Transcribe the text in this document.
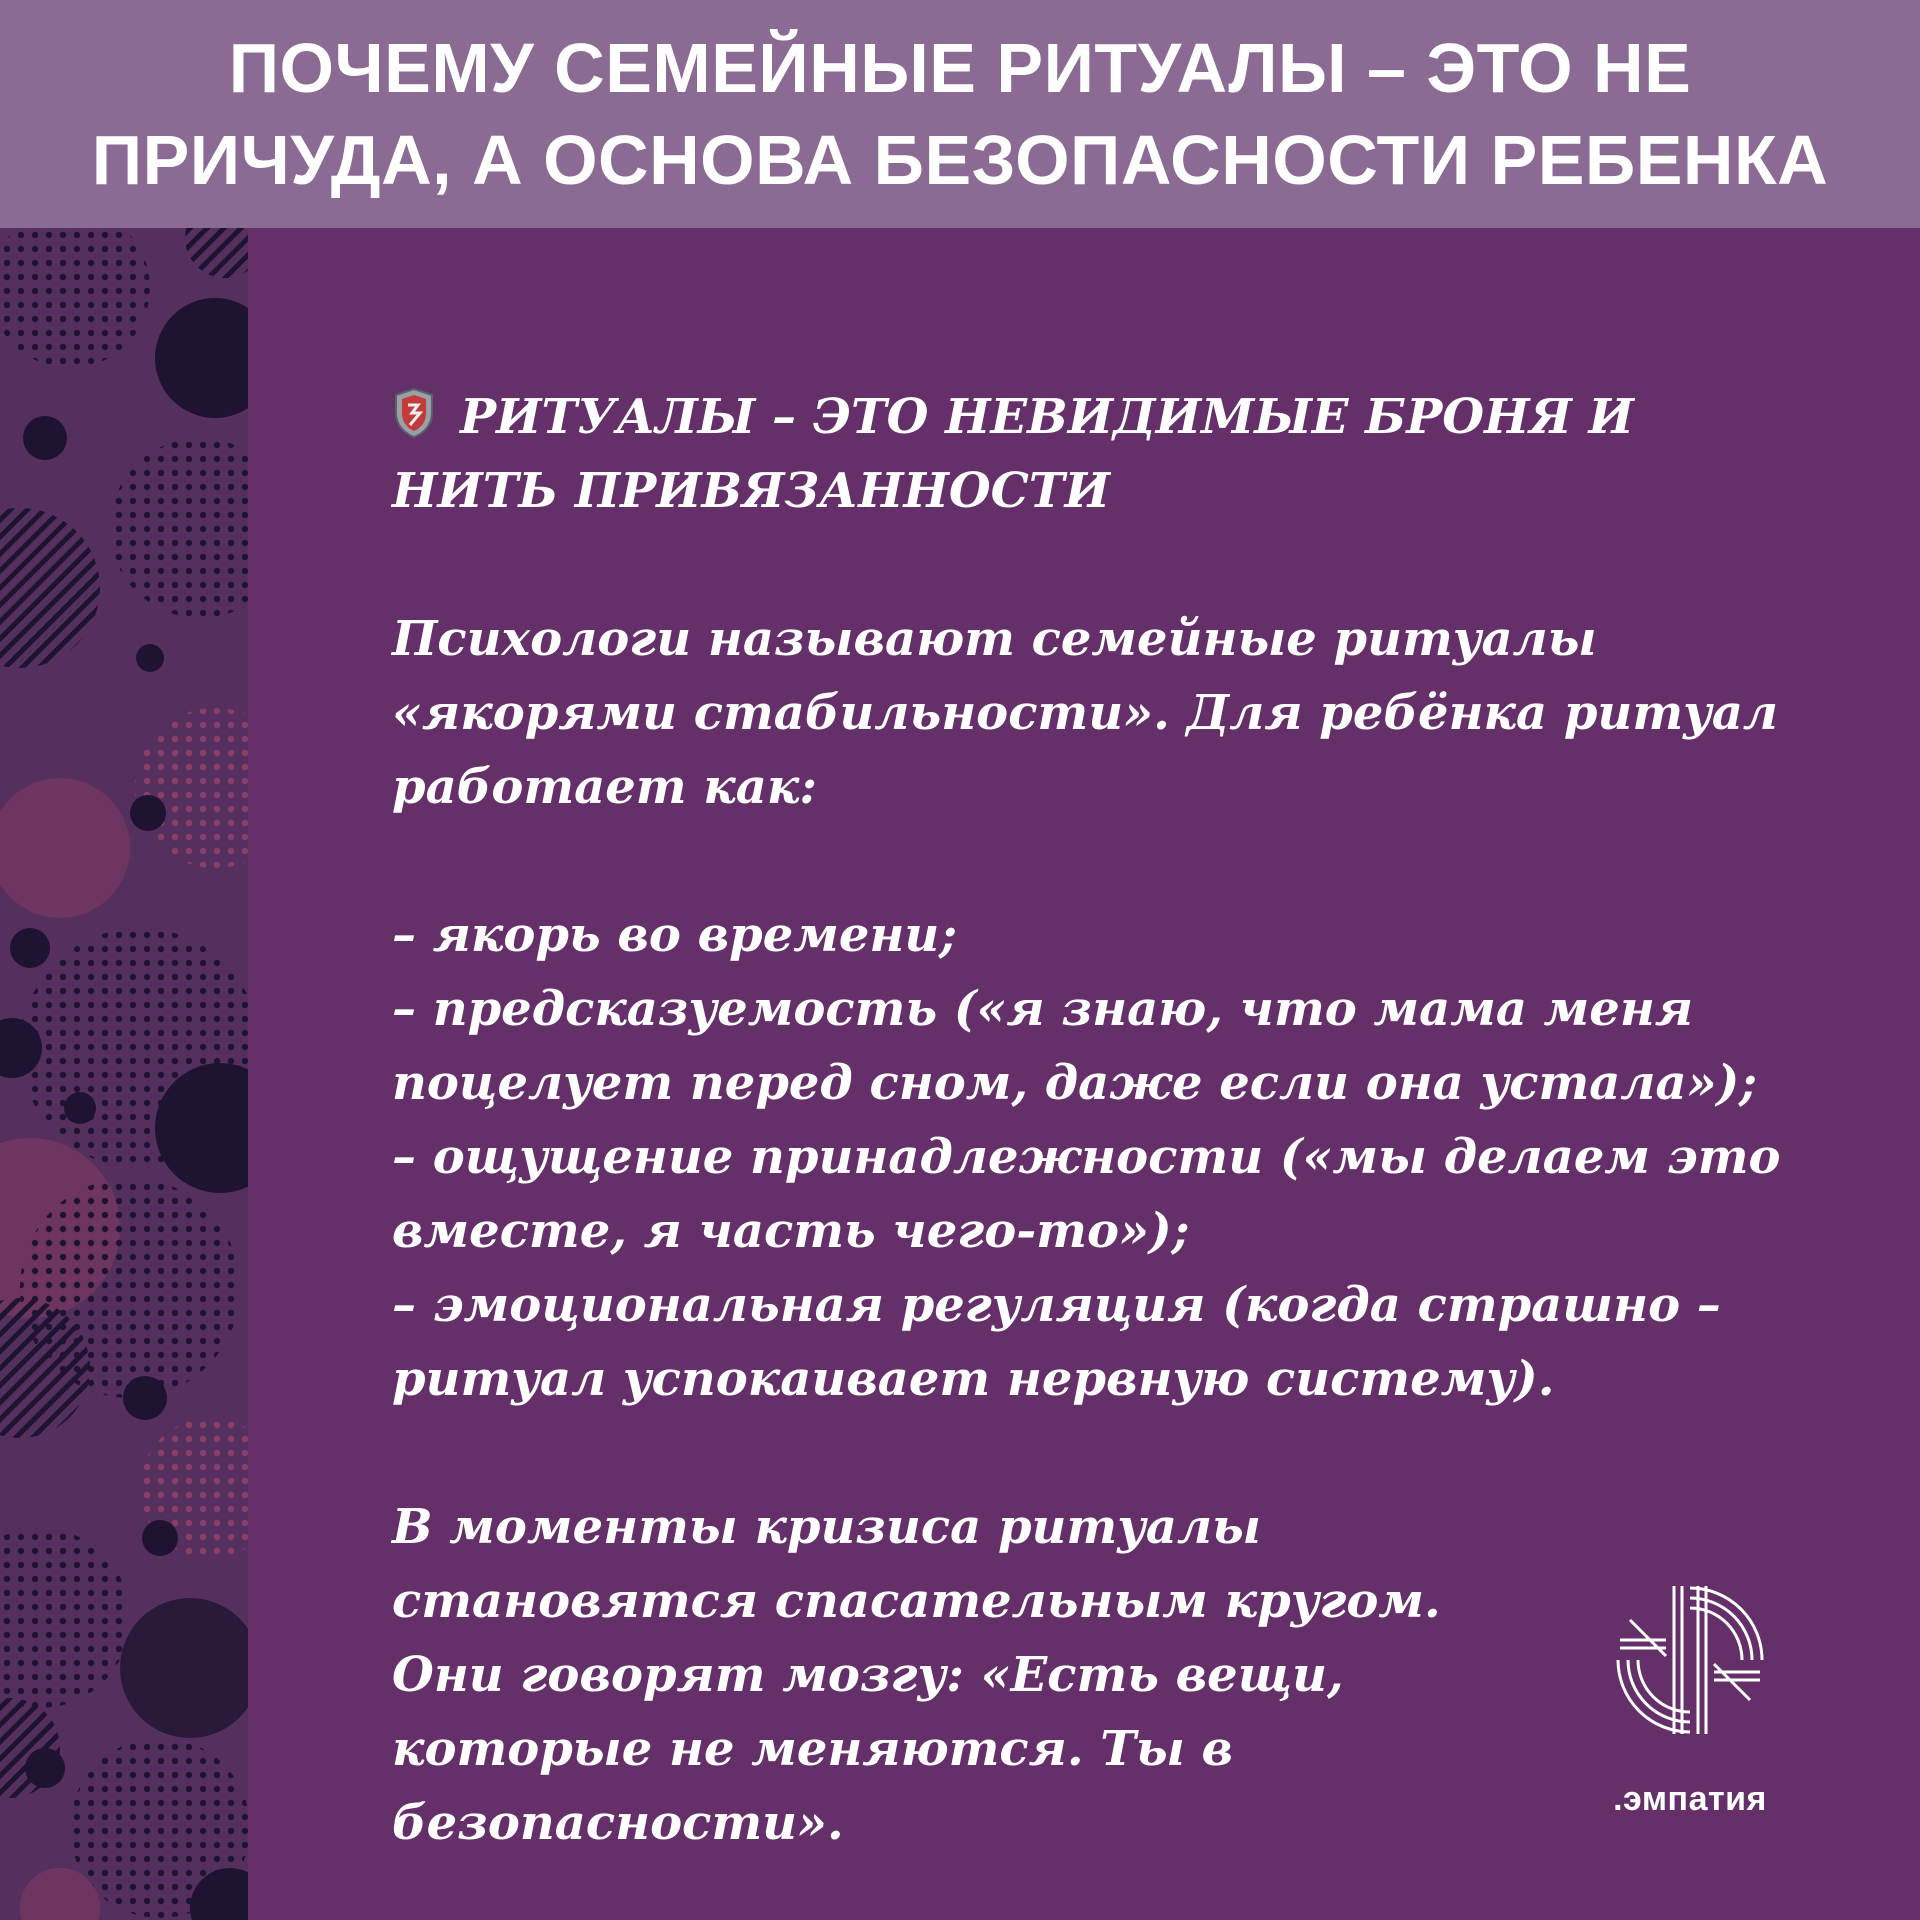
ПОЧЕМУ СЕМЕЙНЫЕ РИТУАЛЫ – ЭТО НЕ
ПРИЧУДА, А ОСНОВА БЕЗОПАСНОСТИ РЕБЕНКА
РИТУАЛЫ – ЭТО НЕВИДИМЫЕ БРОНЯ И НИТЬ ПРИВЯЗАННОСТИ

Психологи называют семейные ритуалы «якорями стабильности». Для ребёнка ритуал работает как:

– якорь во времени;
– предсказуемость («я знаю, что мама меня поцелует перед сном, даже если она устала»);
– ощущение принадлежности («мы делаем это вместе, я часть чего-то»);
– эмоциональная регуляция (когда страшно – ритуал успокаивает нервную систему).

В моменты кризиса ритуалы становятся спасательным кругом. Они говорят мозгу: «Есть вещи, которые не меняются. Ты в безопасности».	.эмпатия
